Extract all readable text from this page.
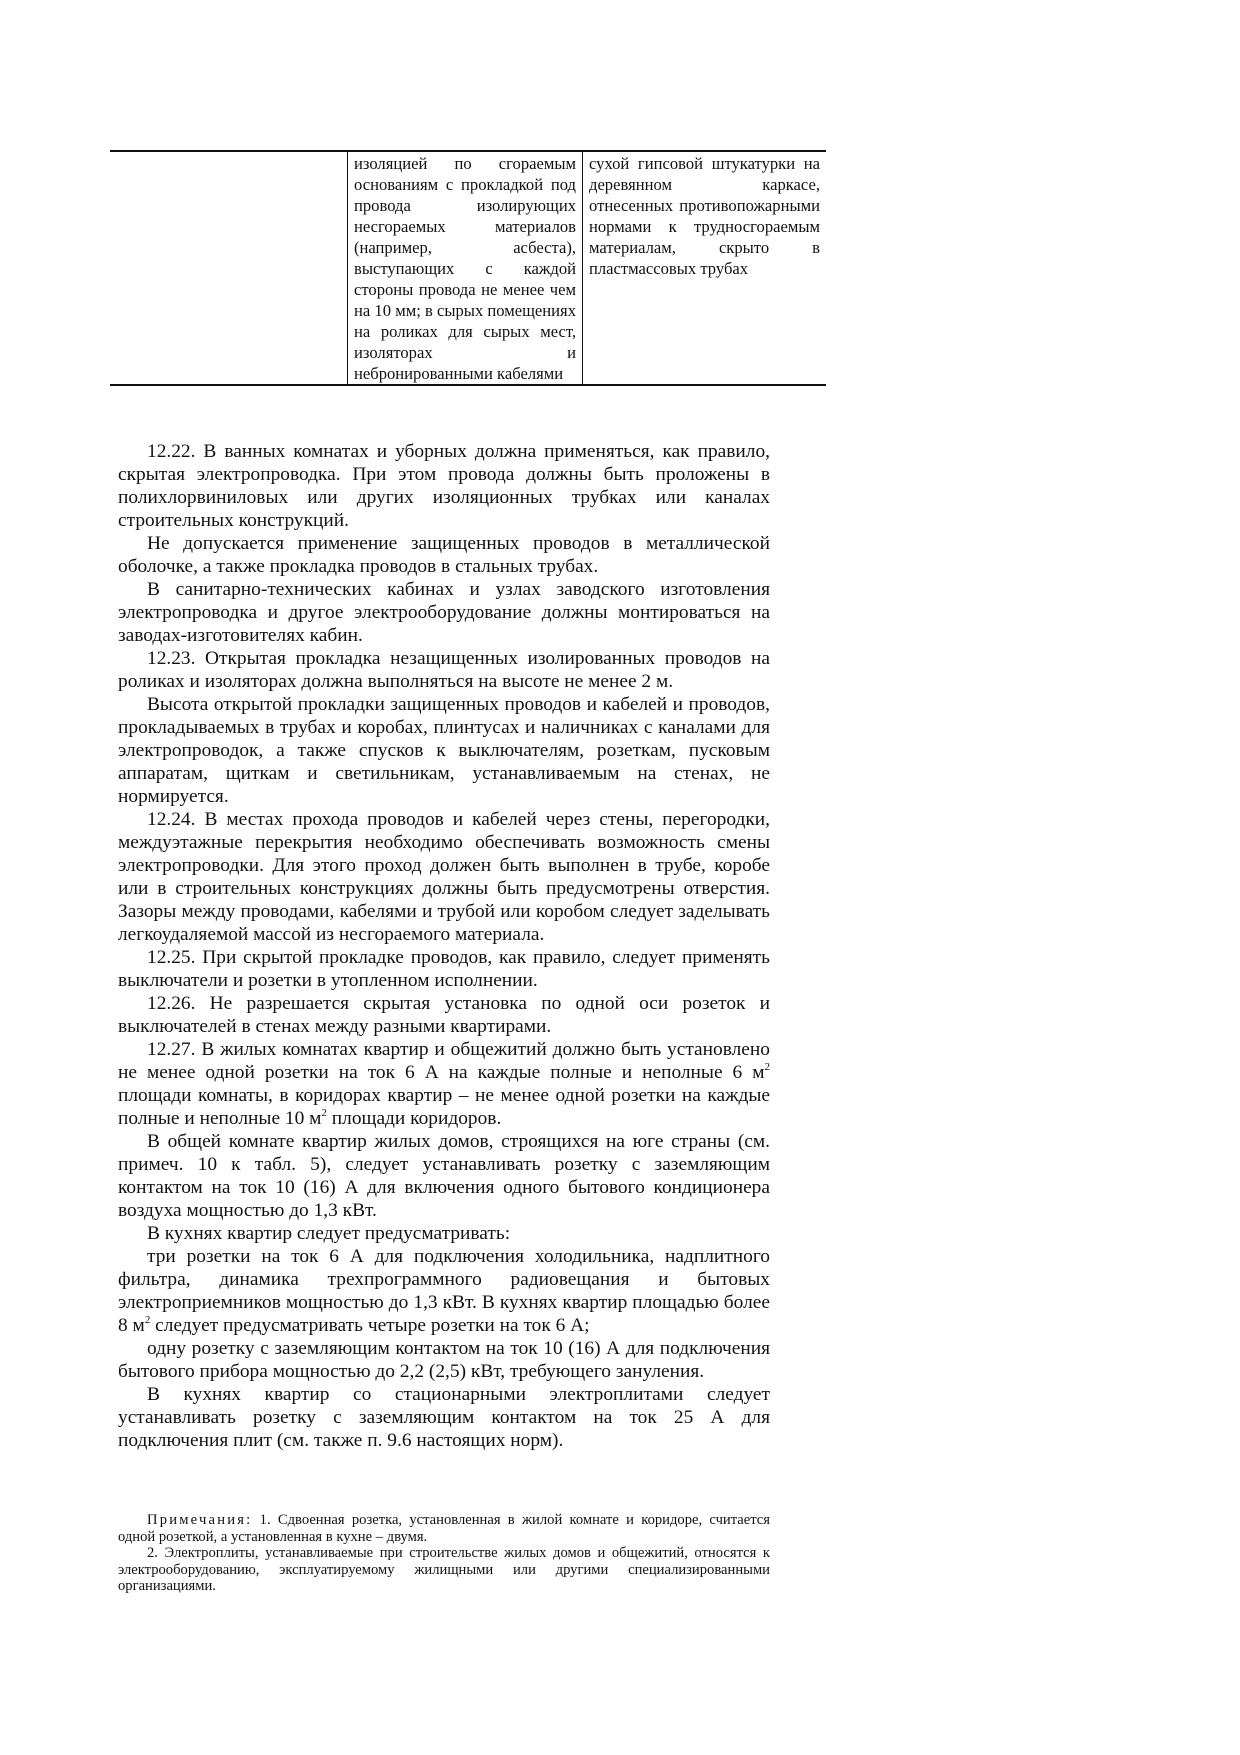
	изоляцией по сгораемым основаниям с прокладкой под провода изолирующих несгораемых материалов (например, асбеста), выступающих с каждой стороны провода не менее чем на 10 мм; в сырых помещениях на роликах для сырых мест, изоляторах и небронированными кабелями	сухой гипсовой штукатурки на деревянном каркасе, отнесенных противопожарными нормами к трудносгораемым материалам, скрыто в пластмассовых трубах

12.22. В ванных комнатах и уборных должна применяться, как правило, скрытая электропроводка. При этом провода должны быть проложены в полихлорвиниловых или других изоляционных трубках или каналах строительных конструкций.

Не допускается применение защищенных проводов в металлической оболочке, а также прокладка проводов в стальных трубах.

В санитарно-технических кабинах и узлах заводского изготовления электропроводка и другое электрооборудование должны монтироваться на заводах-изготовителях кабин.

12.23. Открытая прокладка незащищенных изолированных проводов на роликах и изоляторах должна выполняться на высоте не менее 2 м.

Высота открытой прокладки защищенных проводов и кабелей и проводов, прокладываемых в трубах и коробах, плинтусах и наличниках с каналами для электропроводок, а также спусков к выключателям, розеткам, пусковым аппаратам, щиткам и светильникам, устанавливаемым на стенах, не нормируется.

12.24. В местах прохода проводов и кабелей через стены, перегородки, междуэтажные перекрытия необходимо обеспечивать возможность смены электропроводки. Для этого проход должен быть выполнен в трубе, коробе или в строительных конструкциях должны быть предусмотрены отверстия. Зазоры между проводами, кабелями и трубой или коробом следует заделывать легкоудаляемой массой из несгораемого материала.

12.25. При скрытой прокладке проводов, как правило, следует применять выключатели и розетки в утопленном исполнении.

12.26. Не разрешается скрытая установка по одной оси розеток и выключателей в стенах между разными квартирами.

12.27. В жилых комнатах квартир и общежитий должно быть установлено не менее одной розетки на ток 6 А на каждые полные и неполные 6 $м^2$ площади комнаты, в коридорах квартир – не менее одной розетки на каждые полные и неполные 10 $м^2$ площади коридоров.

В общей комнате квартир жилых домов, строящихся на юге страны (см. примеч. 10 к табл. 5), следует устанавливать розетку с заземляющим контактом на ток 10 (16) А для включения одного бытового кондиционера воздуха мощностью до 1,3 кВт.

В кухнях квартир следует предусматривать:

три розетки на ток 6 А для подключения холодильника, надплитного фильтра, динамика трехпрограммного радиовещания и бытовых электроприемников мощностью до 1,3 кВт. В кухнях квартир площадью более 8 $м^2$ следует предусматривать четыре розетки на ток 6 А;

одну розетку с заземляющим контактом на ток 10 (16) А для подключения бытового прибора мощностью до 2,2 (2,5) кВт, требующего зануления.

В кухнях квартир со стационарными электроплитами следует устанавливать розетку с заземляющим контактом на ток 25 А для подключения плит (см. также п. 9.6 настоящих норм).

Примечания: 1. Сдвоенная розетка, установленная в жилой комнате и коридоре, считается одной розеткой, а установленная в кухне – двумя.

2. Электроплиты, устанавливаемые при строительстве жилых домов и общежитий, относятся к электрооборудованию, эксплуатируемому жилищными или другими специализированными организациями.
